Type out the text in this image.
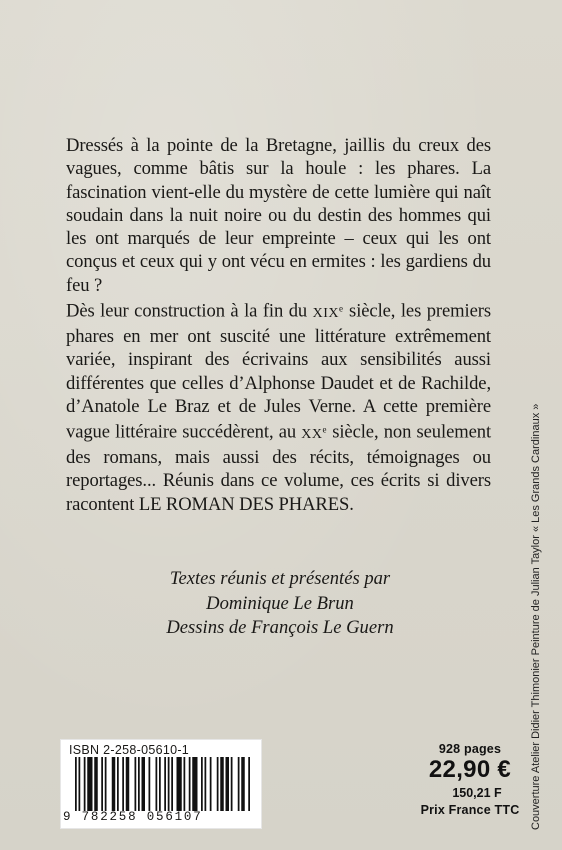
Dressés à la pointe de la Bretagne, jaillis du creux des vagues, comme bâtis sur la houle : les phares. La fascination vient-elle du mystère de cette lumière qui naît soudain dans la nuit noire ou du destin des hommes qui les ont marqués de leur empreinte – ceux qui les ont conçus et ceux qui y ont vécu en ermites : les gardiens du feu ?

Dès leur construction à la fin du XIXe siècle, les premiers phares en mer ont suscité une littérature extrêmement variée, inspirant des écrivains aux sensibilités aussi différentes que celles d’Alphonse Daudet et de Rachilde, d’Anatole Le Braz et de Jules Verne. A cette première vague littéraire succédèrent, au XXe siècle, non seulement des romans, mais aussi des récits, témoignages ou reportages... Réunis dans ce volume, ces écrits si divers racontent LE ROMAN DES PHARES.

Textes réunis et présentés par
Dominique Le Brun
Dessins de François Le Guern	Couverture Atelier Didier Thimonier Peinture de Julian Taylor « Les Grands Cardinaux »
ISBN 2-258-05610-1
9 782258 056107
928 pages
22,90 €
150,21 F
Prix France TTC
